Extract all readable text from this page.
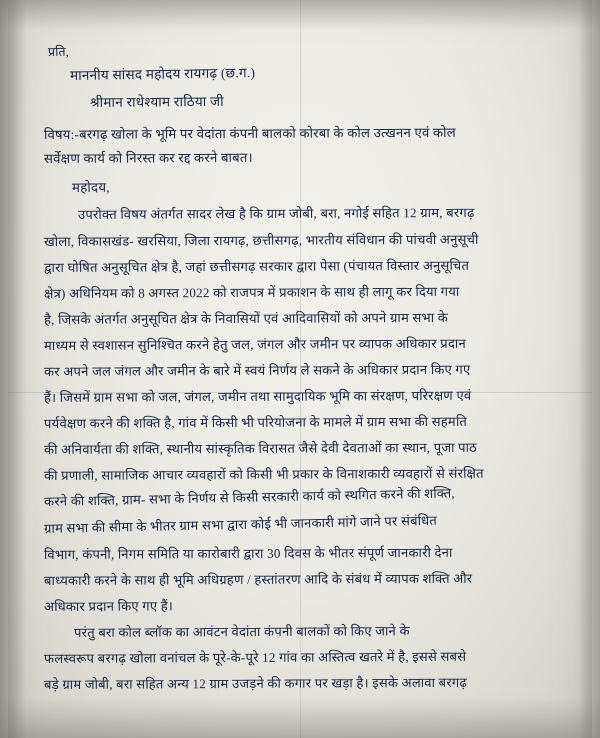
प्रति,
माननीय सांसद महोदय रायगढ़ (छ.ग.)
श्रीमान राधेश्याम राठिया जी
विषय:-बरगढ़ खोला के भूमि पर वेदांता कंपनी बालको कोरबा के कोल उत्खनन एवं कोल
सर्वेक्षण कार्य को निरस्त कर रद्द करने बाबत।
महोदय,
उपरोक्त विषय अंतर्गत सादर लेख है कि ग्राम जोबी, बरा, नगोई सहित 12 ग्राम, बरगढ़
खोला, विकासखंड- खरसिया, जिला रायगढ़, छत्तीसगढ़, भारतीय संविधान की पांचवी अनुसूची
द्वारा घोषित अनुसूचित क्षेत्र है, जहां छत्तीसगढ़ सरकार द्वारा पेसा (पंचायत विस्तार अनुसूचित
क्षेत्र) अधिनियम को 8 अगस्त 2022 को राजपत्र में प्रकाशन के साथ ही लागू कर दिया गया
है, जिसके अंतर्गत अनुसूचित क्षेत्र के निवासियों एवं आदिवासियों को अपने ग्राम सभा के
माध्यम से स्वशासन सुनिश्चित करने हेतु जल, जंगल और जमीन पर व्यापक अधिकार प्रदान
कर अपने जल जंगल और जमीन के बारे में स्वयं निर्णय ले सकने के अधिकार प्रदान किए गए
हैं। जिसमें ग्राम सभा को जल, जंगल, जमीन तथा सामुदायिक भूमि का संरक्षण, परिरक्षण एवं
पर्यवेक्षण करने की शक्ति है, गांव में किसी भी परियोजना के मामले में ग्राम सभा की सहमति
की अनिवार्यता की शक्ति, स्थानीय सांस्कृतिक विरासत जैसे देवी देवताओं का स्थान, पूजा पाठ
की प्रणाली, सामाजिक आचार व्यवहारों को किसी भी प्रकार के विनाशकारी व्यवहारों से संरक्षित
करने की शक्ति, ग्राम- सभा के निर्णय से किसी सरकारी कार्य को स्थगित करने की शक्ति,
ग्राम सभा की सीमा के भीतर ग्राम सभा द्वारा कोई भी जानकारी मांगे जाने पर संबंधित
विभाग, कंपनी, निगम समिति या कारोबारी द्वारा 30 दिवस के भीतर संपूर्ण जानकारी देना
बाध्यकारी करने के साथ ही भूमि अधिग्रहण / हस्तांतरण आदि के संबंध में व्यापक शक्ति और
अधिकार प्रदान किए गए हैं।
परंतु बरा कोल ब्लॉक का आवंटन वेदांता कंपनी बालकों को किए जाने के
फलस्वरूप बरगढ़ खोला वनांचल के पूरे-के-पूरे 12 गांव का अस्तित्व खतरे में है, इससे सबसे
बड़े ग्राम जोबी, बरा सहित अन्य 12 ग्राम उजड़ने की कगार पर खड़ा है। इसके अलावा बरगढ़
